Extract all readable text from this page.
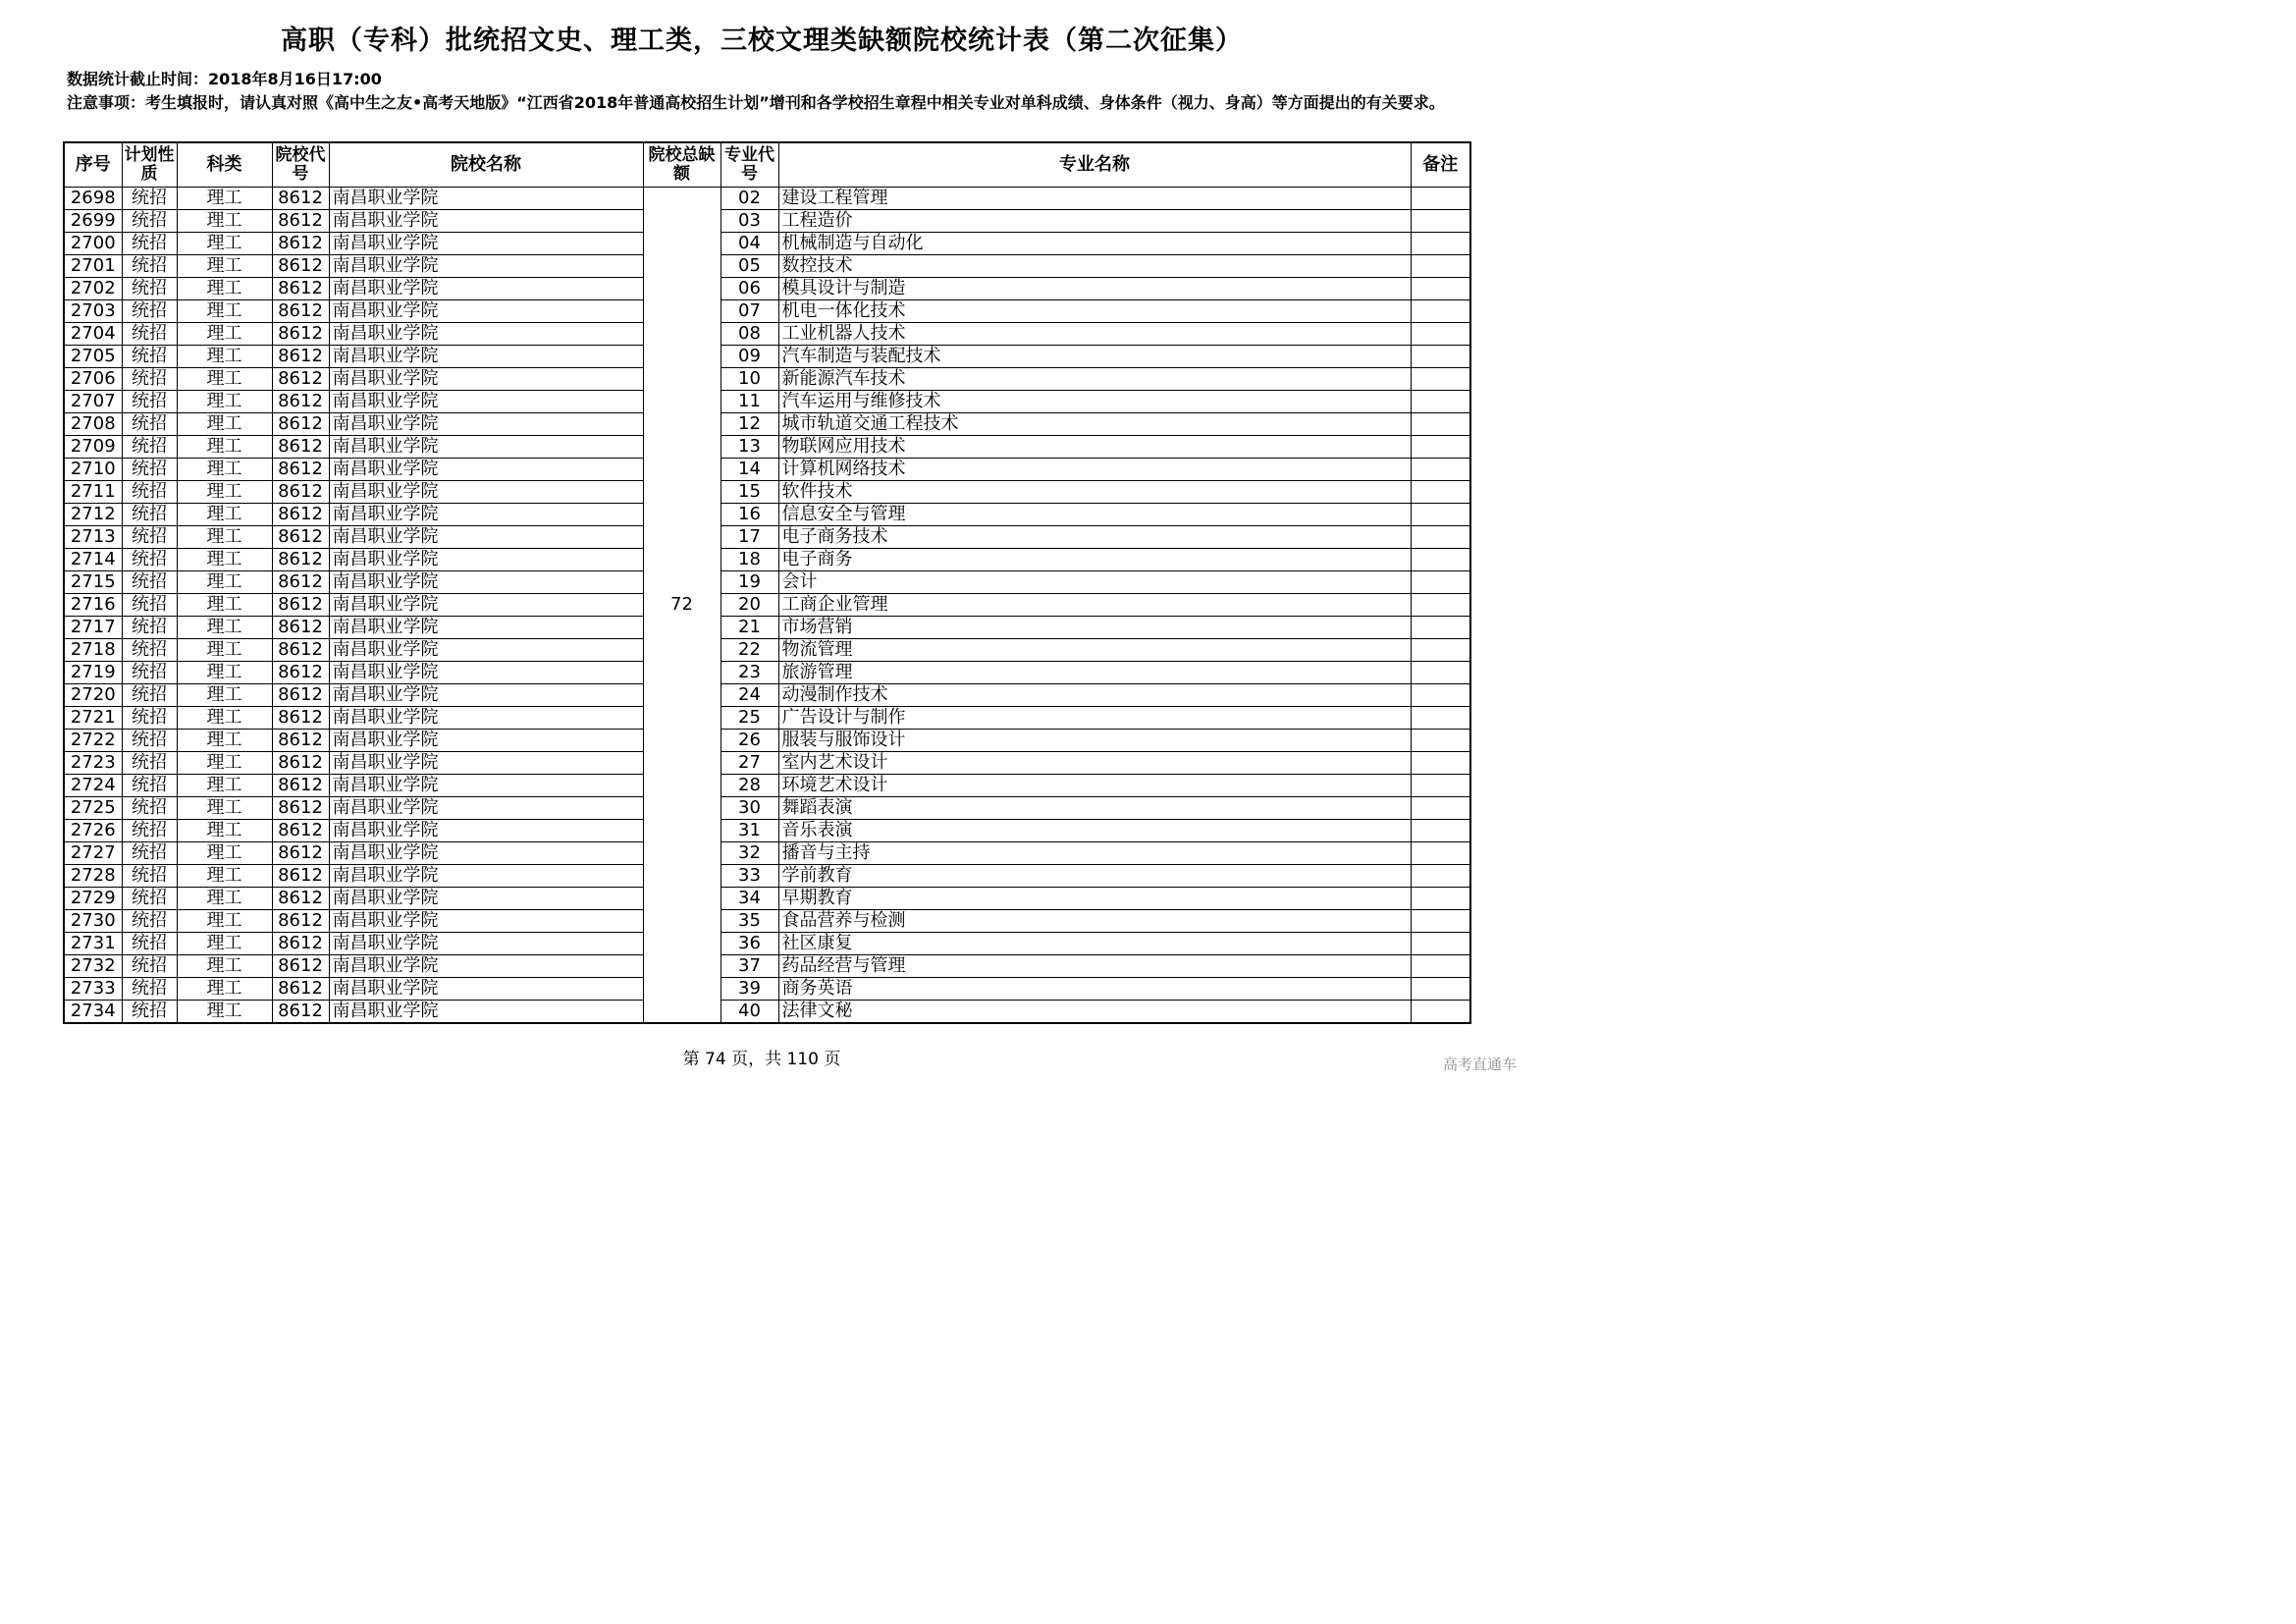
高职（专科）批统招文史、理工类，三校文理类缺额院校统计表（第二次征集）
数据统计截止时间：2018年8月16日17:00
注意事项：考生填报时，请认真对照《高中生之友•高考天地版》“江西省2018年普通高校招生计划”增刊和各学校招生章程中相关专业对单科成绩、身体条件（视力、身高）等方面提出的有关要求。
序号	计划性质	科类	院校代号	院校名称	院校总缺额	专业代号	专业名称	备注
2698	统招	理工	8612	南昌职业学院	72	02	建设工程管理	
2699	统招	理工	8612	南昌职业学院		03	工程造价	
2700	统招	理工	8612	南昌职业学院		04	机械制造与自动化	
2701	统招	理工	8612	南昌职业学院		05	数控技术	
2702	统招	理工	8612	南昌职业学院		06	模具设计与制造	
2703	统招	理工	8612	南昌职业学院		07	机电一体化技术	
2704	统招	理工	8612	南昌职业学院		08	工业机器人技术	
2705	统招	理工	8612	南昌职业学院		09	汽车制造与装配技术	
2706	统招	理工	8612	南昌职业学院		10	新能源汽车技术	
2707	统招	理工	8612	南昌职业学院		11	汽车运用与维修技术	
2708	统招	理工	8612	南昌职业学院		12	城市轨道交通工程技术	
2709	统招	理工	8612	南昌职业学院		13	物联网应用技术	
2710	统招	理工	8612	南昌职业学院		14	计算机网络技术	
2711	统招	理工	8612	南昌职业学院		15	软件技术	
2712	统招	理工	8612	南昌职业学院		16	信息安全与管理	
2713	统招	理工	8612	南昌职业学院		17	电子商务技术	
2714	统招	理工	8612	南昌职业学院		18	电子商务	
2715	统招	理工	8612	南昌职业学院		19	会计	
2716	统招	理工	8612	南昌职业学院		20	工商企业管理	
2717	统招	理工	8612	南昌职业学院		21	市场营销	
2718	统招	理工	8612	南昌职业学院		22	物流管理	
2719	统招	理工	8612	南昌职业学院		23	旅游管理	
2720	统招	理工	8612	南昌职业学院		24	动漫制作技术	
2721	统招	理工	8612	南昌职业学院		25	广告设计与制作	
2722	统招	理工	8612	南昌职业学院		26	服装与服饰设计	
2723	统招	理工	8612	南昌职业学院		27	室内艺术设计	
2724	统招	理工	8612	南昌职业学院		28	环境艺术设计	
2725	统招	理工	8612	南昌职业学院		30	舞蹈表演	
2726	统招	理工	8612	南昌职业学院		31	音乐表演	
2727	统招	理工	8612	南昌职业学院		32	播音与主持	
2728	统招	理工	8612	南昌职业学院		33	学前教育	
2729	统招	理工	8612	南昌职业学院		34	早期教育	
2730	统招	理工	8612	南昌职业学院		35	食品营养与检测	
2731	统招	理工	8612	南昌职业学院		36	社区康复	
2732	统招	理工	8612	南昌职业学院		37	药品经营与管理	
2733	统招	理工	8612	南昌职业学院		39	商务英语	
2734	统招	理工	8612	南昌职业学院		40	法律文秘	
第 74 页，共 110 页	高考直通车
